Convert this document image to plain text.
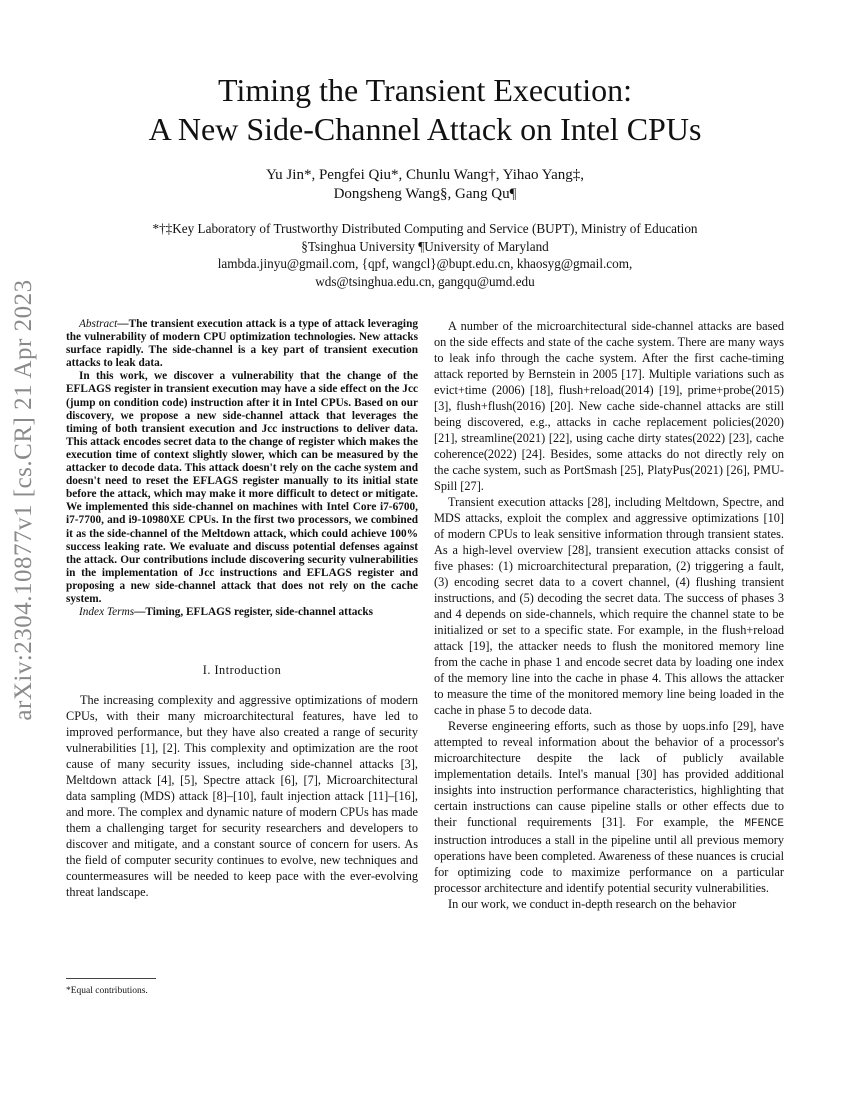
arXiv:2304.10877v1 [cs.CR] 21 Apr 2023
Timing the Transient Execution:
A New Side-Channel Attack on Intel CPUs
Yu Jin*, Pengfei Qiu*, Chunlu Wang†, Yihao Yang‡,
Dongsheng Wang§, Gang Qu¶
*†‡Key Laboratory of Trustworthy Distributed Computing and Service (BUPT), Ministry of Education
§Tsinghua University ¶University of Maryland
lambda.jinyu@gmail.com, {qpf, wangcl}@bupt.edu.cn, khaosyg@gmail.com,
wds@tsinghua.edu.cn, gangqu@umd.edu

Abstract—The transient execution attack is a type of attack leveraging the vulnerability of modern CPU optimization technologies. New attacks surface rapidly. The side-channel is a key part of transient execution attacks to leak data.

In this work, we discover a vulnerability that the change of the EFLAGS register in transient execution may have a side effect on the Jcc (jump on condition code) instruction after it in Intel CPUs. Based on our discovery, we propose a new side-channel attack that leverages the timing of both transient execution and Jcc instructions to deliver data. This attack encodes secret data to the change of register which makes the execution time of context slightly slower, which can be measured by the attacker to decode data. This attack doesn't rely on the cache system and doesn't need to reset the EFLAGS register manually to its initial state before the attack, which may make it more difficult to detect or mitigate. We implemented this side-channel on machines with Intel Core i7-6700, i7-7700, and i9-10980XE CPUs. In the first two processors, we combined it as the side-channel of the Meltdown attack, which could achieve 100% success leaking rate. We evaluate and discuss potential defenses against the attack. Our contributions include discovering security vulnerabilities in the implementation of Jcc instructions and EFLAGS register and proposing a new side-channel attack that does not rely on the cache system.

Index Terms—Timing, EFLAGS register, side-channel attacks

I. Introduction

The increasing complexity and aggressive optimizations of modern CPUs, with their many microarchitectural features, have led to improved performance, but they have also created a range of security vulnerabilities [1], [2]. This complexity and optimization are the root cause of many security issues, including side-channel attacks [3], Meltdown attack [4], [5], Spectre attack [6], [7], Microarchitectural data sampling (MDS) attack [8]–[10], fault injection attack [11]–[16], and more. The complex and dynamic nature of modern CPUs has made them a challenging target for security researchers and developers to discover and mitigate, and a constant source of concern for users. As the field of computer security continues to evolve, new techniques and countermeasures will be needed to keep pace with the ever-evolving threat landscape.

*Equal contributions.

A number of the microarchitectural side-channel attacks are based on the side effects and state of the cache system. There are many ways to leak info through the cache system. After the first cache-timing attack reported by Bernstein in 2005 [17]. Multiple variations such as evict+time (2006) [18], flush+reload(2014) [19], prime+probe(2015) [3], flush+flush(2016) [20]. New cache side-channel attacks are still being discovered, e.g., attacks in cache replacement policies(2020) [21], streamline(2021) [22], using cache dirty states(2022) [23], cache coherence(2022) [24]. Besides, some attacks do not directly rely on the cache system, such as PortSmash [25], PlatyPus(2021) [26], PMU-Spill [27].

Transient execution attacks [28], including Meltdown, Spectre, and MDS attacks, exploit the complex and aggressive optimizations [10] of modern CPUs to leak sensitive information through transient states. As a high-level overview [28], transient execution attacks consist of five phases: (1) microarchitectural preparation, (2) triggering a fault, (3) encoding secret data to a covert channel, (4) flushing transient instructions, and (5) decoding the secret data. The success of phases 3 and 4 depends on side-channels, which require the channel state to be initialized or set to a specific state. For example, in the flush+reload attack [19], the attacker needs to flush the monitored memory line from the cache in phase 1 and encode secret data by loading one index of the memory line into the cache in phase 4. This allows the attacker to measure the time of the monitored memory line being loaded in the cache in phase 5 to decode data.

Reverse engineering efforts, such as those by uops.info [29], have attempted to reveal information about the behavior of a processor's microarchitecture despite the lack of publicly available implementation details. Intel's manual [30] has provided additional insights into instruction performance characteristics, highlighting that certain instructions can cause pipeline stalls or other effects due to their functional requirements [31]. For example, the MFENCE instruction introduces a stall in the pipeline until all previous memory operations have been completed. Awareness of these nuances is crucial for optimizing code to maximize performance on a particular processor architecture and identify potential security vulnerabilities.

In our work, we conduct in-depth research on the behavior
